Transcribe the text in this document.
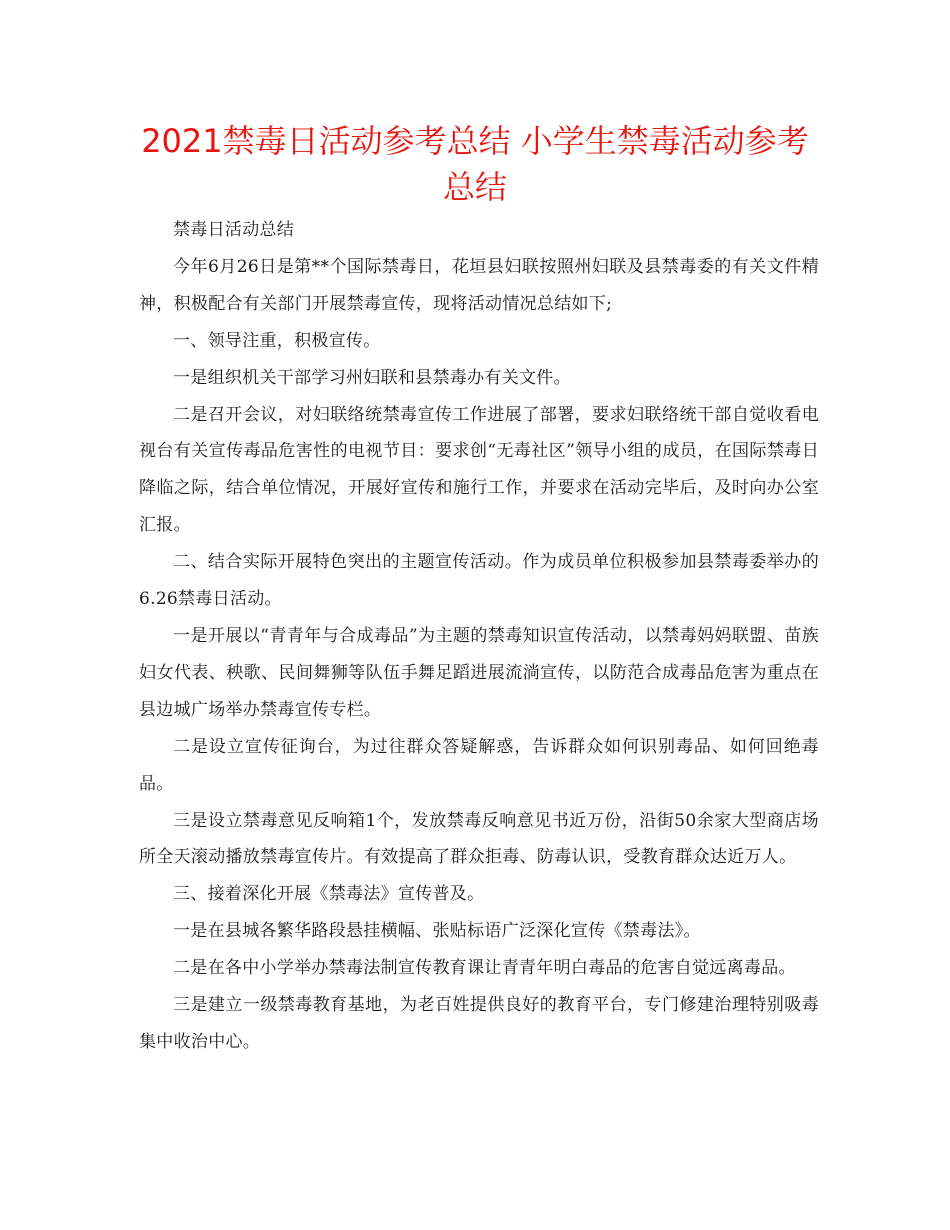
2021禁毒日活动参考总结 小学生禁毒活动参考
总结

禁毒日活动总结

今年6月26日是第**个国际禁毒日，花垣县妇联按照州妇联及县禁毒委的有关文件精神，积极配合有关部门开展禁毒宣传，现将活动情况总结如下;

一、领导注重，积极宣传。

一是组织机关干部学习州妇联和县禁毒办有关文件。

二是召开会议，对妇联络统禁毒宣传工作进展了部署，要求妇联络统干部自觉收看电视台有关宣传毒品危害性的电视节目：要求创“无毒社区”领导小组的成员，在国际禁毒日降临之际，结合单位情况，开展好宣传和施行工作，并要求在活动完毕后，及时向办公室汇报。

二、结合实际开展特色突出的主题宣传活动。作为成员单位积极参加县禁毒委举办的6.26禁毒日活动。

一是开展以“青青年与合成毒品”为主题的禁毒知识宣传活动，以禁毒妈妈联盟、苗族妇女代表、秧歌、民间舞狮等队伍手舞足蹈进展流淌宣传，以防范合成毒品危害为重点在县边城广场举办禁毒宣传专栏。

二是设立宣传征询台，为过往群众答疑解惑，告诉群众如何识别毒品、如何回绝毒品。

三是设立禁毒意见反响箱1个，发放禁毒反响意见书近万份，沿街50余家大型商店场所全天滚动播放禁毒宣传片。有效提高了群众拒毒、防毒认识，受教育群众达近万人。

三、接着深化开展《禁毒法》宣传普及。

一是在县城各繁华路段悬挂横幅、张贴标语广泛深化宣传《禁毒法》。

二是在各中小学举办禁毒法制宣传教育课让青青年明白毒品的危害自觉远离毒品。

三是建立一级禁毒教育基地，为老百姓提供良好的教育平台，专门修建治理特别吸毒集中收治中心。
